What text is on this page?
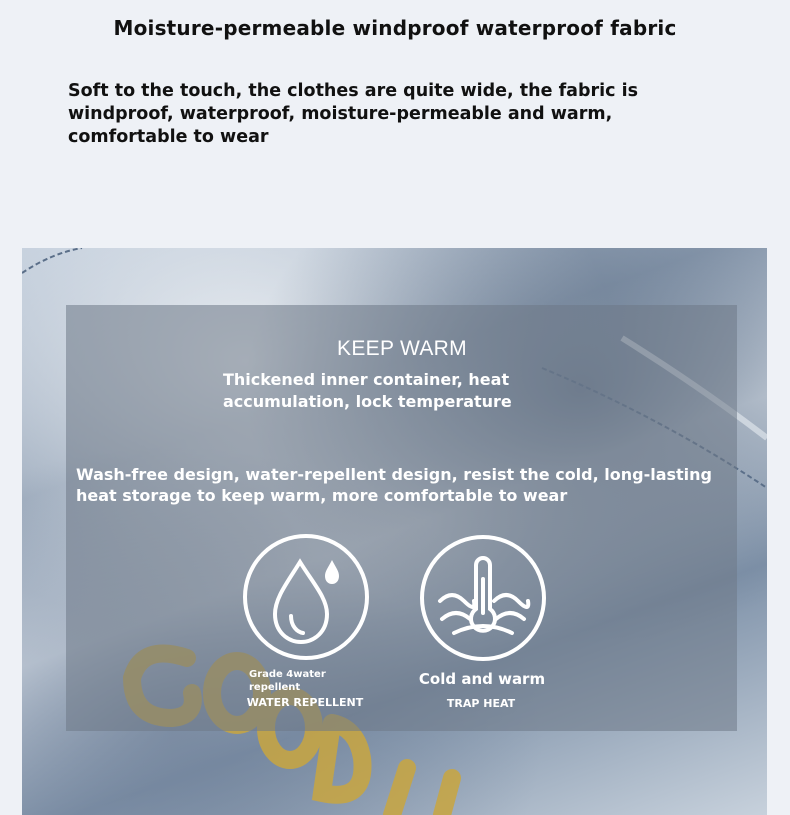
Moisture-permeable windproof waterproof fabric
Soft to the touch, the clothes are quite wide, the fabric is windproof, waterproof, moisture-permeable and warm, comfortable to wear
KEEP WARM
Thickened inner container, heat accumulation, lock temperature
Wash-free design, water-repellent design, resist the cold, long-lasting heat storage to keep warm, more comfortable to wear
Grade 4water repellent	Cold and warm
WATER REPELLENT	TRAP HEAT
